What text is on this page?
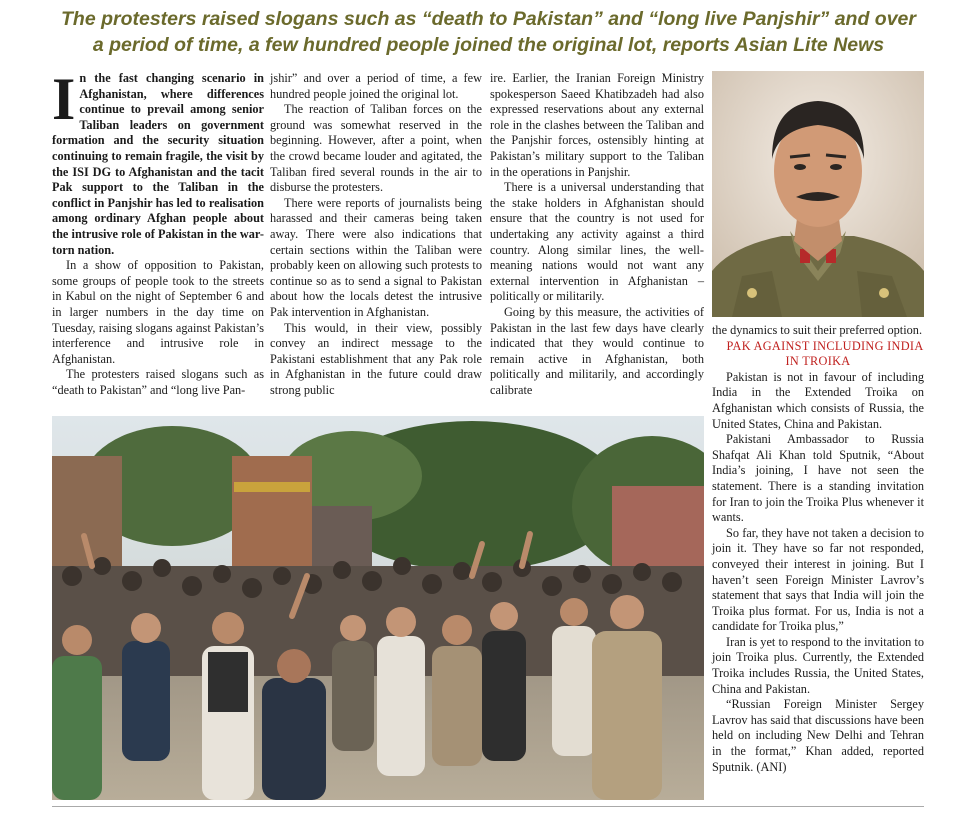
The protesters raised slogans such as “death to Pakistan” and “long live Panjshir” and over
a period of time, a few hundred people joined the original lot, reports Asian Lite News

In the fast changing scenario in Afghanistan, where differences continue to prevail among senior Taliban leaders on government formation and the security situation continuing to remain fragile, the visit by the ISI DG to Afghanistan and the tacit Pak support to the Taliban in the conflict in Panjshir has led to realisation among ordinary Afghan people about the intrusive role of Pakistan in the war-torn nation.

In a show of opposition to Pakistan, some groups of people took to the streets in Kabul on the night of September 6 and in larger numbers in the day time on Tuesday, raising slogans against Pakistan’s interference and intrusive role in Afghanistan.

The protesters raised slogans such as “death to Pakistan” and “long live Pan-

jshir” and over a period of time, a few hundred people joined the original lot.

The reaction of Taliban forces on the ground was somewhat reserved in the beginning. However, after a point, when the crowd became louder and agitated, the Taliban fired several rounds in the air to disburse the protesters.

There were reports of journalists being harassed and their cameras being taken away. There were also indications that certain sections within the Taliban were probably keen on allowing such protests to continue so as to send a signal to Pakistan about how the locals detest the intrusive Pak intervention in Afghanistan.

This would, in their view, possibly convey an indirect message to the Pakistani establishment that any Pak role in Afghanistan in the future could draw strong public

ire. Earlier, the Iranian Foreign Ministry spokesperson Saeed Khatibzadeh had also expressed reservations about any external role in the clashes between the Taliban and the Panjshir forces, ostensibly hinting at Pakistan’s military support to the Taliban in the operations in Panjshir.

There is a universal understanding that the stake holders in Afghanistan should ensure that the country is not used for undertaking any activity against a third country. Along similar lines, the well-meaning nations would not want any external intervention in Afghanistan – politically or militarily.

Going by this measure, the activities of Pakistan in the last few days have clearly indicated that they would continue to remain active in Afghanistan, both politically and militarily, and accordingly calibrate

the dynamics to suit their preferred option.

PAK AGAINST INCLUDING INDIA IN TROIKA

Pakistan is not in favour of including India in the Extended Troika on Afghanistan which consists of Russia, the United States, China and Pakistan.

Pakistani Ambassador to Russia Shafqat Ali Khan told Sputnik, “About India’s joining, I have not seen the statement. There is a standing invitation for Iran to join the Troika Plus whenever it wants.

So far, they have not taken a decision to join it. They have so far not responded, conveyed their interest in joining. But I haven’t seen Foreign Minister Lavrov’s statement that says that India will join the Troika plus format. For us, India is not a candidate for Troika plus,”

Iran is yet to respond to the invitation to join Troika plus. Currently, the Extended Troika includes Russia, the United States, China and Pakistan.

“Russian Foreign Minister Sergey Lavrov has said that discussions have been held on including New Delhi and Tehran in the format,” Khan added, reported Sputnik. (ANI)
